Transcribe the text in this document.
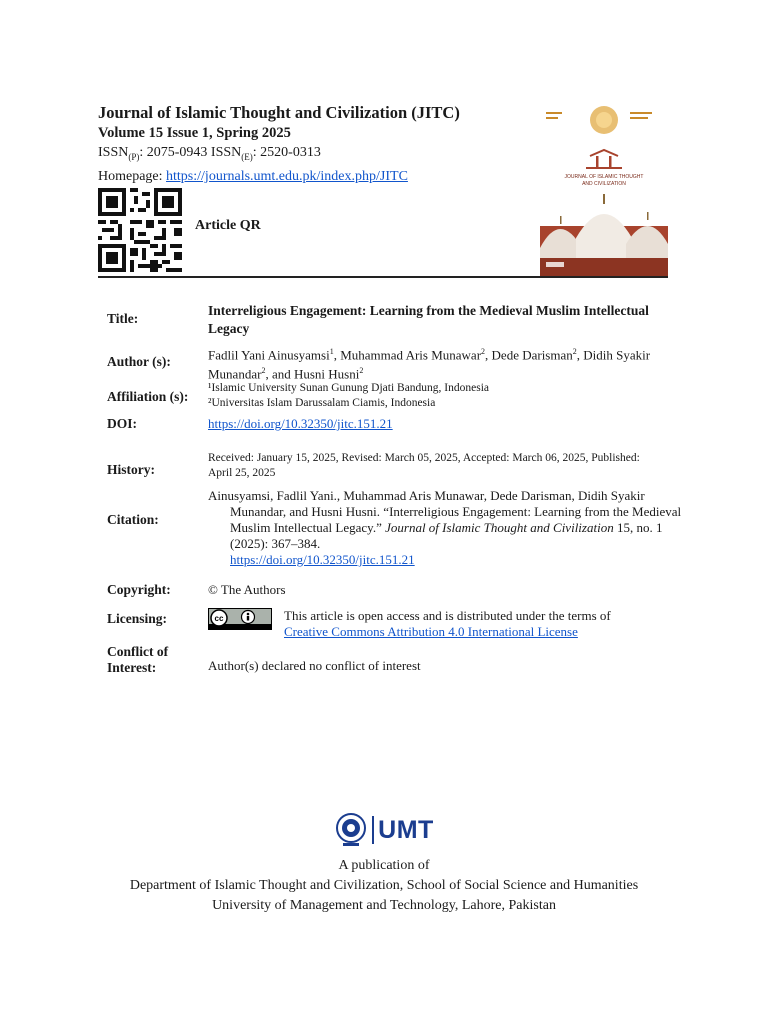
Journal of Islamic Thought and Civilization (JITC)
Volume 15 Issue 1, Spring 2025
$ISSN_{(P)}$: 2075-0943 $ISSN_{(E)}$: 2520-0313
Homepage: https://journals.umt.edu.pk/index.php/JITC
Article QR
JOURNAL OF ISLAMIC THOUGHT
AND CIVILIZATION
Title:
Interreligious Engagement: Learning from the Medieval Muslim Intellectual Legacy
Author (s):	Fadlil Yani Ainusyamsi$^1$, Muhammad Aris Munawar$^2$, Dede Darisman$^2$, Didih Syakir Munandar$^2$, and Husni Husni$^2$
Affiliation (s):
¹Islamic University Sunan Gunung Djati Bandung, Indonesia
²Universitas Islam Darussalam Ciamis, Indonesia
DOI:	https://doi.org/10.32350/jitc.151.21
History:
Received: January 15, 2025, Revised: March 05, 2025, Accepted: March 06, 2025, Published: April 25, 2025
Citation:
Ainusyamsi, Fadlil Yani., Muhammad Aris Munawar, Dede Darisman, Didih Syakir Munandar, and Husni Husni. “Interreligious Engagement: Learning from the Medieval Muslim Intellectual Legacy.” Journal of Islamic Thought and Civilization 15, no. 1 (2025): 367–384.
https://doi.org/10.32350/jitc.151.21
Copyright:	© The Authors
Licensing:	cc	This article is open access and is distributed under the terms of
Creative Commons Attribution 4.0 International License
Conflict of Interest:	Author(s) declared no conflict of interest
UMT
A publication of
Department of Islamic Thought and Civilization, School of Social Science and Humanities
University of Management and Technology, Lahore, Pakistan
